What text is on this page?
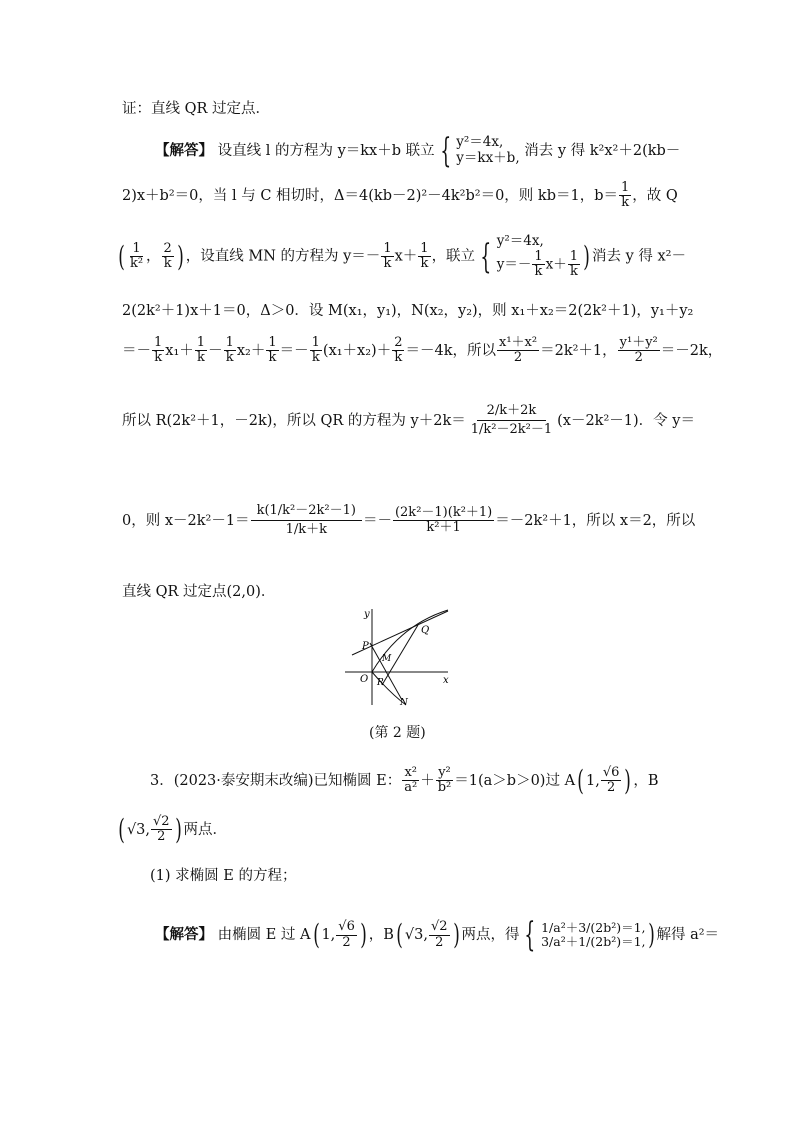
证：直线 QR 过定点．
【解答】 设直线 l 的方程为 y＝kx＋b 联立 { y²＝4x,
y＝kx＋b, 消去 y 得 k²x²＋2(kb－
2)x＋b²＝0，当 l 与 C 相切时，Δ＝4(kb－2)²－4k²b²＝0，则 kb＝1，$b= \frac{1}{k}$ ，故 Q
( $\frac{1}{\text{k²}}$ ， $\frac{2}{k}$ ) ，设直线 MN 的方程为 $y=- \frac{1}{k} x+ \frac{1}{k}$ ，联立 { y²＝4x,
$y=- \frac{1}{k} x+ \frac{1}{k}$ ) 消去 y 得 x²－
2(2k²＋1)x＋1＝0，Δ＞0．设 M(x₁，y₁)，N(x₂，y₂)，则 x₁＋x₂＝2(2k²＋1)，y₁＋y₂
＝－ $\frac{1}{k} x_1+ \frac{1}{k} - \frac{1}{k} x_2+ \frac{1}{k} =- \frac{1}{k} (x_1+x_2)+ \frac{2}{k} =-4k$，所以 $\frac{\text{x¹＋x²}}{2} =2k^2+1$， $\frac{\text{y¹＋y²}}{2} =-2k$，
所以 R(2k²＋1，－2k)，所以 QR 的方程为 $y+2k= \frac{2/k+2k}{\text{1/k²－2k²－1}} (x-2k^2-1)$．令 y＝
0，则 $x-2k^2-1= \frac{\text{k(1/k²－2k²－1)}}{1/k+k} =- \frac{\text{(2k²－1)(k²＋1)}}{\text{k²＋1}} =-2k^2+1$，所以 x＝2，所以
直线 QR 过定点(2,0)．
y
x
O
P
Q
M
R
N
(第 2 题)
3．(2023·泰安期末改编)已知椭圆 E： $\frac{\text{x²}}{\text{a²}} + \frac{\text{y²}}{\text{b²}} =1(a>b>0)$过 A( 1, $\frac{√6}{2}$ ) ，B
( √3, $\frac{√2}{2}$ ) 两点．
(1) 求椭圆 E 的方程；
【解答】 由椭圆 E 过 A( 1, $\frac{√6}{2}$ ) ，B( √3, $\frac{√2}{2}$ ) 两点，得 { 1/a²＋3/(2b²)＝1,
3/a²＋1/(2b²)＝1, ) 解得 a²＝
